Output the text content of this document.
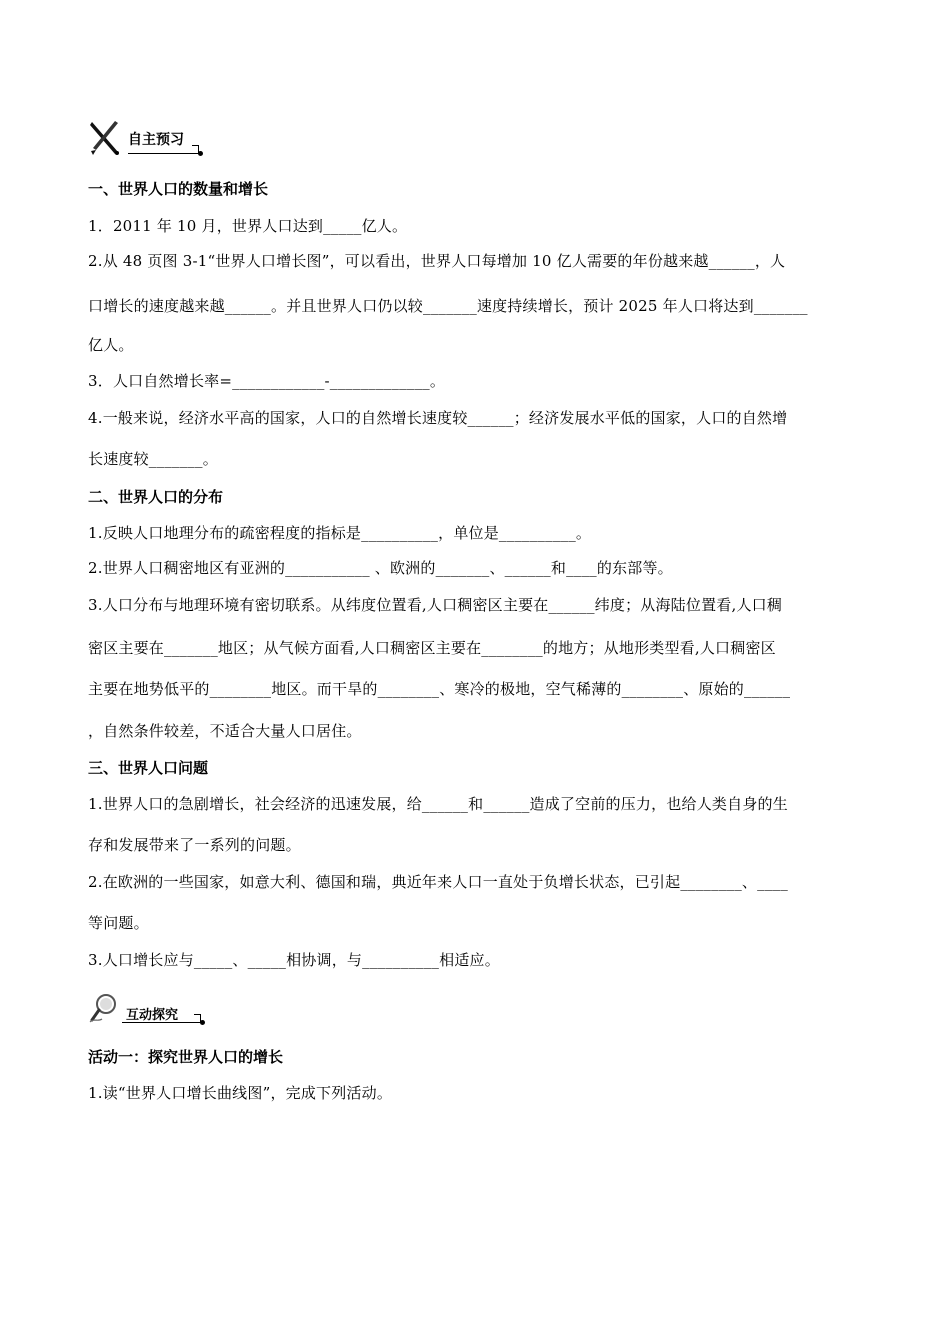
自主预习
一、世界人口的数量和增长
1．2011 年 10 月，世界人口达到_____亿人。
2.从 48 页图 3-1“世界人口增长图”，可以看出，世界人口每增加 10 亿人需要的年份越来越______，人
口增长的速度越来越______。并且世界人口仍以较_______速度持续增长，预计 2025 年人口将达到_______
亿人。
3．人口自然增长率=____________-_____________。
4.一般来说，经济水平高的国家，人口的自然增长速度较______；经济发展水平低的国家，人口的自然增
长速度较_______。
二、世界人口的分布
1.反映人口地理分布的疏密程度的指标是__________，单位是__________。
2.世界人口稠密地区有亚洲的___________ 、欧洲的_______、______和____的东部等。
3.人口分布与地理环境有密切联系。从纬度位置看,人口稠密区主要在______纬度；从海陆位置看,人口稠
密区主要在_______地区；从气候方面看,人口稠密区主要在________的地方；从地形类型看,人口稠密区
主要在地势低平的________地区。而干旱的________、寒冷的极地，空气稀薄的________、原始的______
，自然条件较差，不适合大量人口居住。
三、世界人口问题
1.世界人口的急剧增长，社会经济的迅速发展，给______和______造成了空前的压力，也给人类自身的生
存和发展带来了一系列的问题。
2.在欧洲的一些国家，如意大利、德国和瑞，典近年来人口一直处于负增长状态，已引起________、____
等问题。
3.人口增长应与_____、_____相协调，与__________相适应。
互动探究
活动一：探究世界人口的增长
1.读“世界人口增长曲线图”，完成下列活动。
